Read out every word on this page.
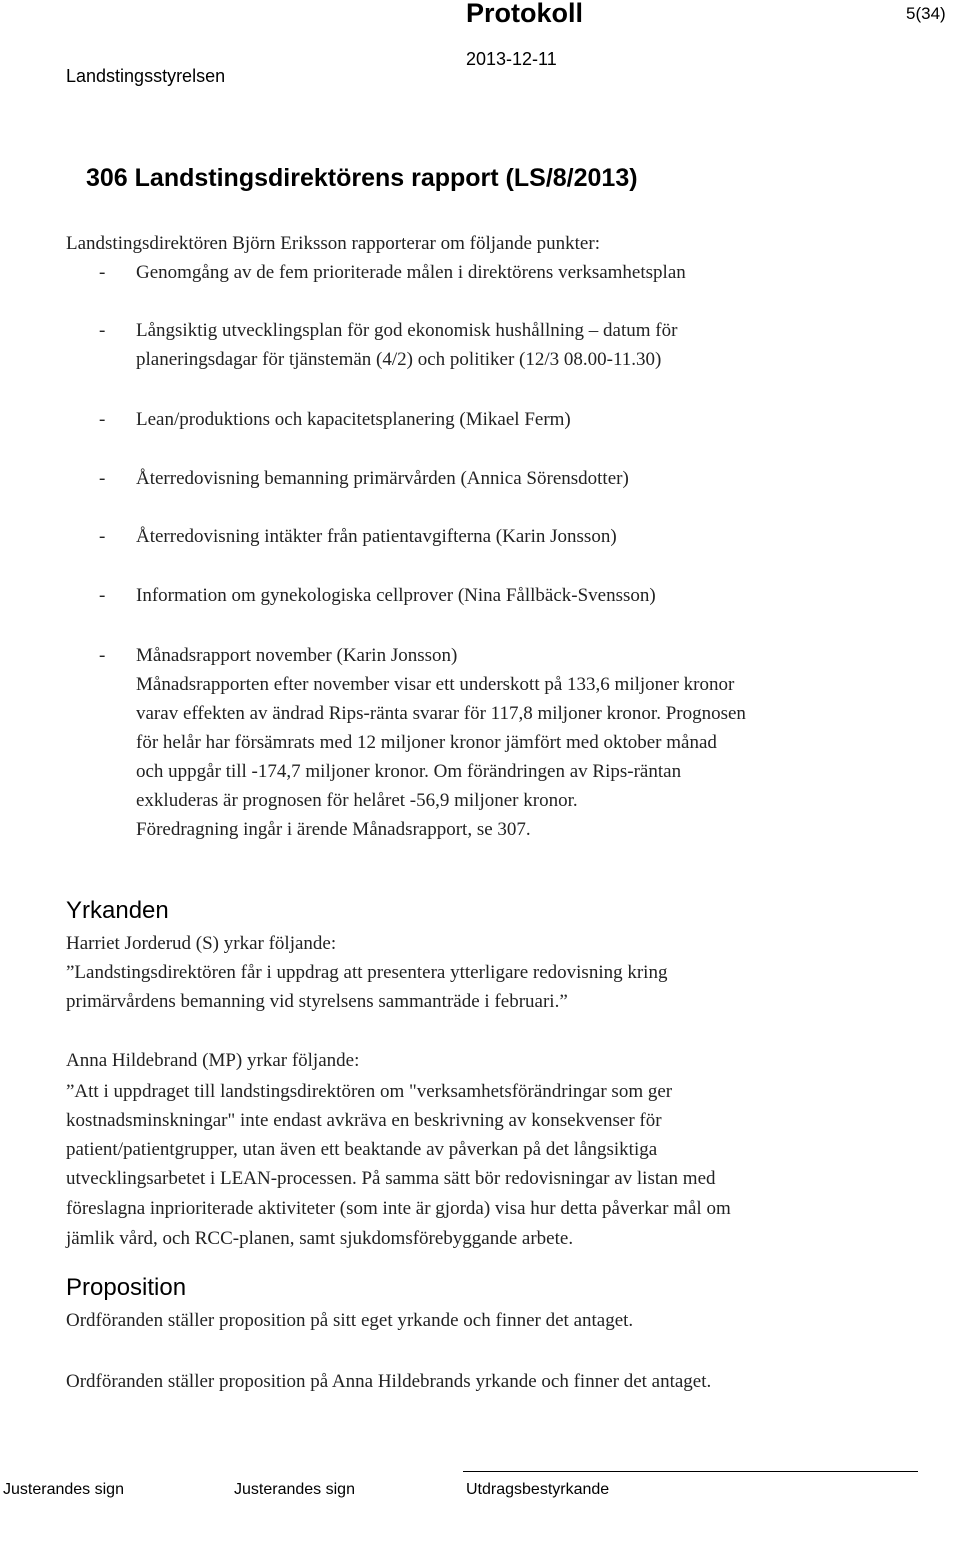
Protokoll	5(34)
Landstingsstyrelsen
2013-12-11
306 Landstingsdirektörens rapport (LS/8/2013)
Landstingsdirektören Björn Eriksson rapporterar om följande punkter:
- Genomgång av de fem prioriterade målen i direktörens verksamhetsplan
- Långsiktig utvecklingsplan för god ekonomisk hushållning – datum för
planeringsdagar för tjänstemän (4/2) och politiker (12/3 08.00-11.30)
- Lean/produktions och kapacitetsplanering (Mikael Ferm)
- Återredovisning bemanning primärvården (Annica Sörensdotter)
- Återredovisning intäkter från patientavgifterna (Karin Jonsson)
- Information om gynekologiska cellprover (Nina Fållbäck-Svensson)
- Månadsrapport november (Karin Jonsson)
Månadsrapporten efter november visar ett underskott på 133,6 miljoner kronor
varav effekten av ändrad Rips-ränta svarar för 117,8 miljoner kronor. Prognosen
för helår har försämrats med 12 miljoner kronor jämfört med oktober månad
och uppgår till -174,7 miljoner kronor. Om förändringen av Rips-räntan
exkluderas är prognosen för helåret -56,9 miljoner kronor.
Föredragning ingår i ärende Månadsrapport, se 307.
Yrkanden
Harriet Jorderud (S) yrkar följande:
”Landstingsdirektören får i uppdrag att presentera ytterligare redovisning kring
primärvårdens bemanning vid styrelsens sammanträde i februari.”
Anna Hildebrand (MP) yrkar följande:
”Att i uppdraget till landstingsdirektören om "verksamhetsförändringar som ger
kostnadsminskningar" inte endast avkräva en beskrivning av konsekvenser för
patient/patientgrupper, utan även ett beaktande av påverkan på det långsiktiga
utvecklingsarbetet i LEAN-processen. På samma sätt bör redovisningar av listan med
föreslagna inprioriterade aktiviteter (som inte är gjorda) visa hur detta påverkar mål om
jämlik vård, och RCC-planen, samt sjukdomsförebyggande arbete.
Proposition
Ordföranden ställer proposition på sitt eget yrkande och finner det antaget.
Ordföranden ställer proposition på Anna Hildebrands yrkande och finner det antaget.
Justerandes sign	Justerandes sign	Utdragsbestyrkande
